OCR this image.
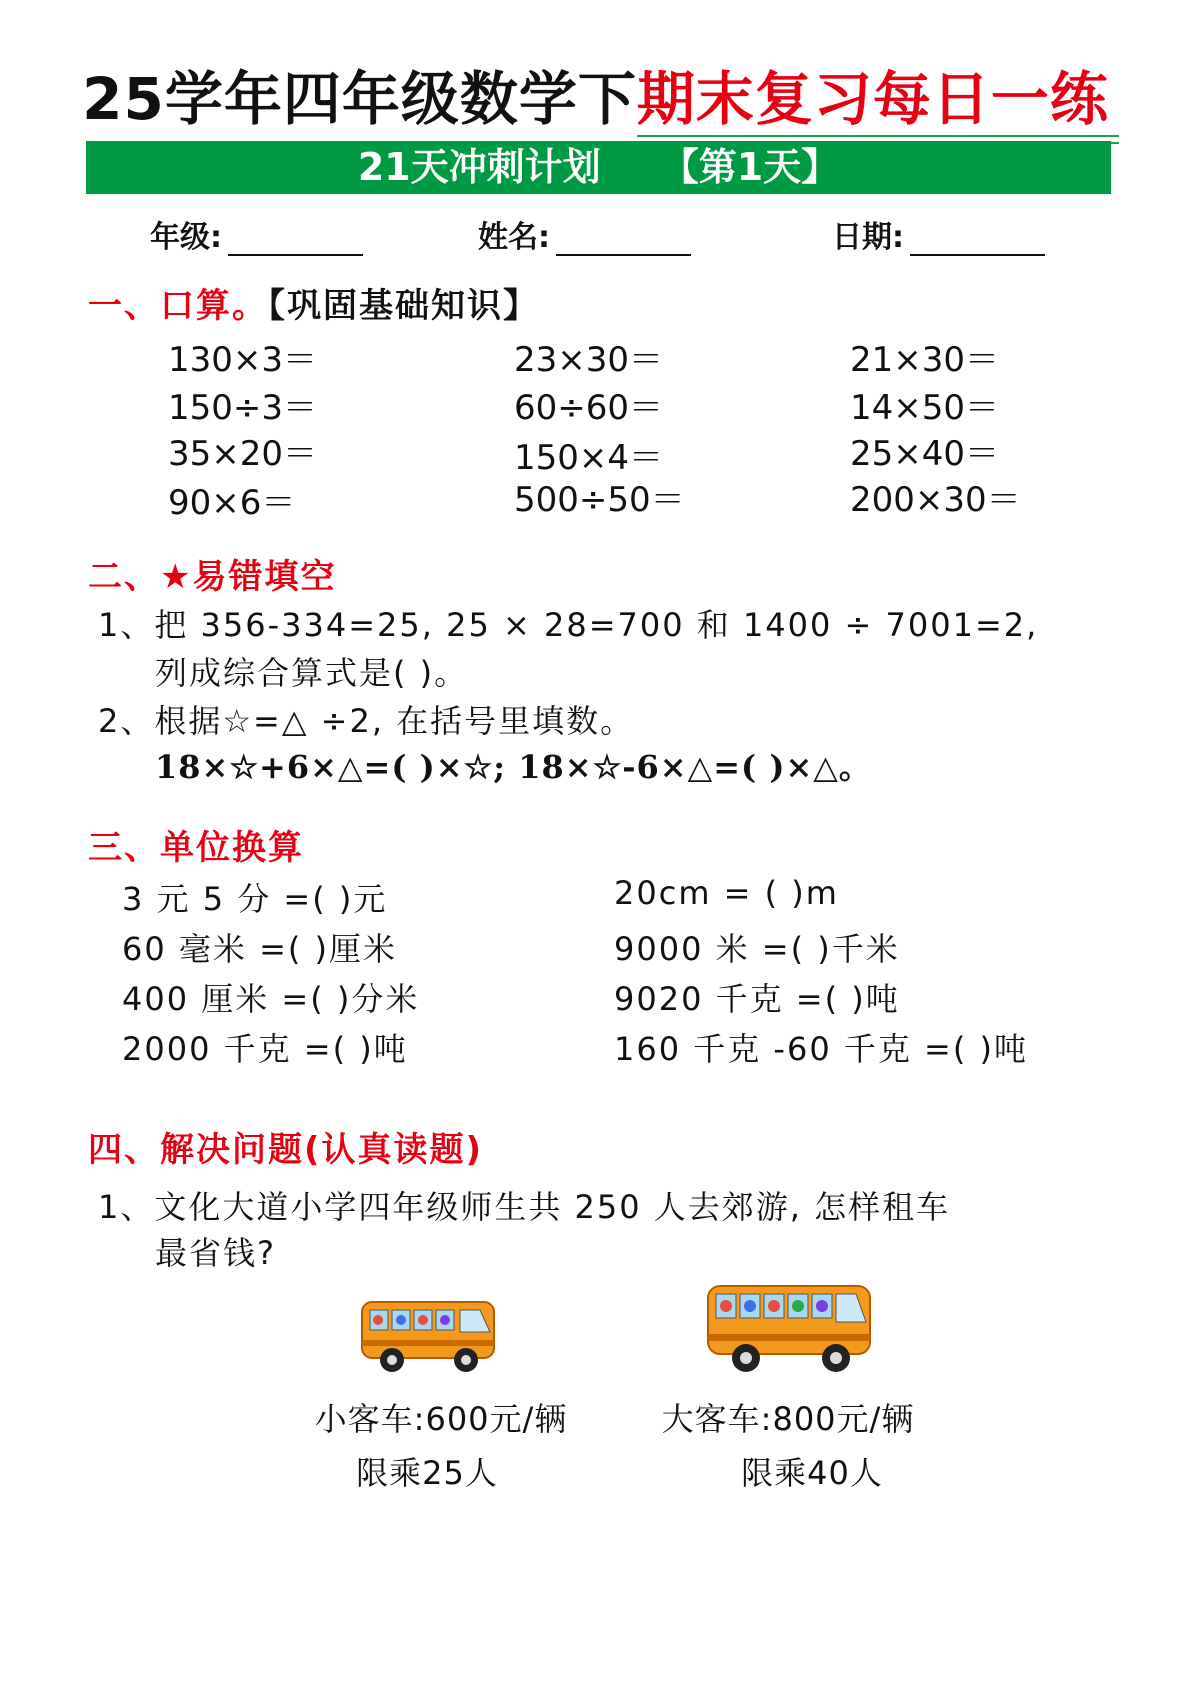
25学年四年级数学下期末复习每日一练
21天冲刺计划 【第1天】
年级:	姓名:	日期:
一、口算。【巩固基础知识】
130×3＝
150÷3＝
35×20＝
90×6＝
23×30＝
60÷60＝
150×4＝
500÷50＝
21×30＝
14×50＝
25×40＝
200×30＝
二、★易错填空
1、把 356-334=25, 25 × 28=700 和 1400 ÷ 7001=2,
列成综合算式是( )。
2、根据☆=△ ÷2, 在括号里填数。
18×☆+6×△=( )×☆; 18×☆-6×△=( )×△。
三、单位换算
3 元 5 分 =( )元
60 毫米 =( )厘米
400 厘米 =( )分米
2000 千克 =( )吨
20cm = ( )m
9000 米 =( )千米
9020 千克 =( )吨
160 千克 -60 千克 =( )吨
四、解决问题(认真读题)
1、文化大道小学四年级师生共 250 人去郊游, 怎样租车
最省钱?
小客车:600元/辆
限乘25人
大客车:800元/辆
限乘40人
